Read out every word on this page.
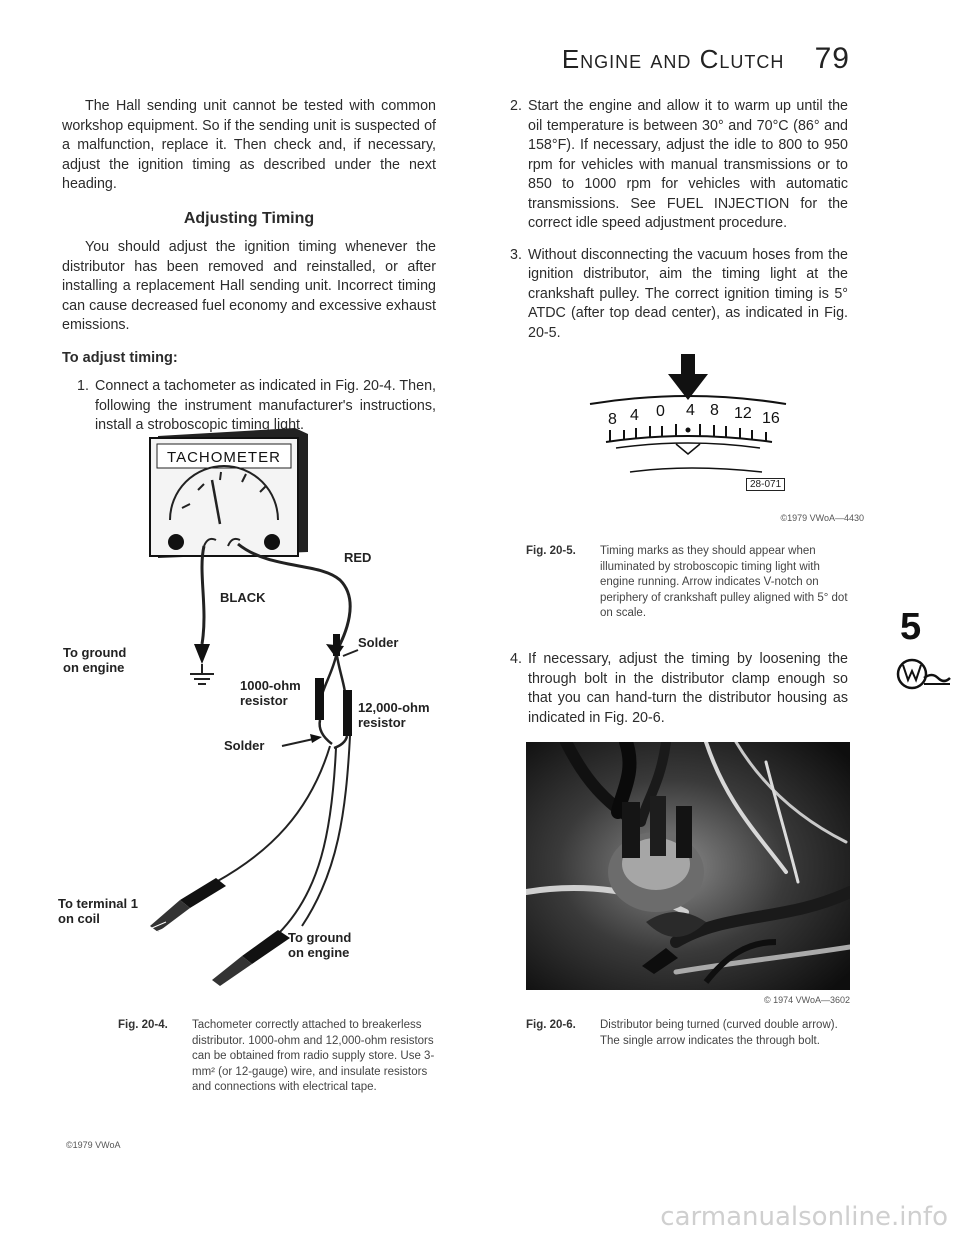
Engine and Clutch 79

The Hall sending unit cannot be tested with common workshop equipment. So if the sending unit is suspected of a malfunction, replace it. Then check and, if necessary, adjust the ignition timing as described under the next heading.

Adjusting Timing

You should adjust the ignition timing whenever the distributor has been removed and reinstalled, or after installing a replacement Hall sending unit. Incorrect timing can cause decreased fuel economy and excessive exhaust emissions.

To adjust timing:

1. Connect a tachometer as indicated in Fig. 20-4. Then, following the instrument manufacturer's instructions, install a stroboscopic timing light.
TACHOMETER
RED
BLACK
To ground
on engine
Solder
1000-ohm
resistor	12,000-ohm
resistor
Solder
To terminal 1
on coil
To ground
on engine
Fig. 20-4.	Tachometer correctly attached to breakerless distributor. 1000-ohm and 12,000-ohm resistors can be obtained from radio supply store. Use 3-mm² (or 12-gauge) wire, and insulate resistors and connections with electrical tape.
©1979 VWoA
2. Start the engine and allow it to warm up until the oil temperature is between 30° and 70°C (86° and 158°F). If necessary, adjust the idle to 800 to 950 rpm for vehicles with manual transmissions or to 850 to 1000 rpm for vehicles with automatic transmissions. See FUEL INJECTION for the correct idle speed adjustment procedure.
3. Without disconnecting the vacuum hoses from the ignition distributor, aim the timing light at the crankshaft pulley. The correct ignition timing is 5° ATDC (after top dead center), as indicated in Fig. 20-5.
8 4 0 4 8 12 16
28-071
©1979 VWoA—4430
Fig. 20-5.	Timing marks as they should appear when illuminated by stroboscopic timing light with engine running. Arrow indicates V-notch on periphery of crankshaft pulley aligned with 5° dot on scale.
4. If necessary, adjust the timing by loosening the through bolt in the distributor clamp enough so that you can hand-turn the distributor housing as indicated in Fig. 20-6.
© 1974 VWoA—3602
Fig. 20-6.	Distributor being turned (curved double arrow). The single arrow indicates the through bolt.
5
carmanualsonline.info
